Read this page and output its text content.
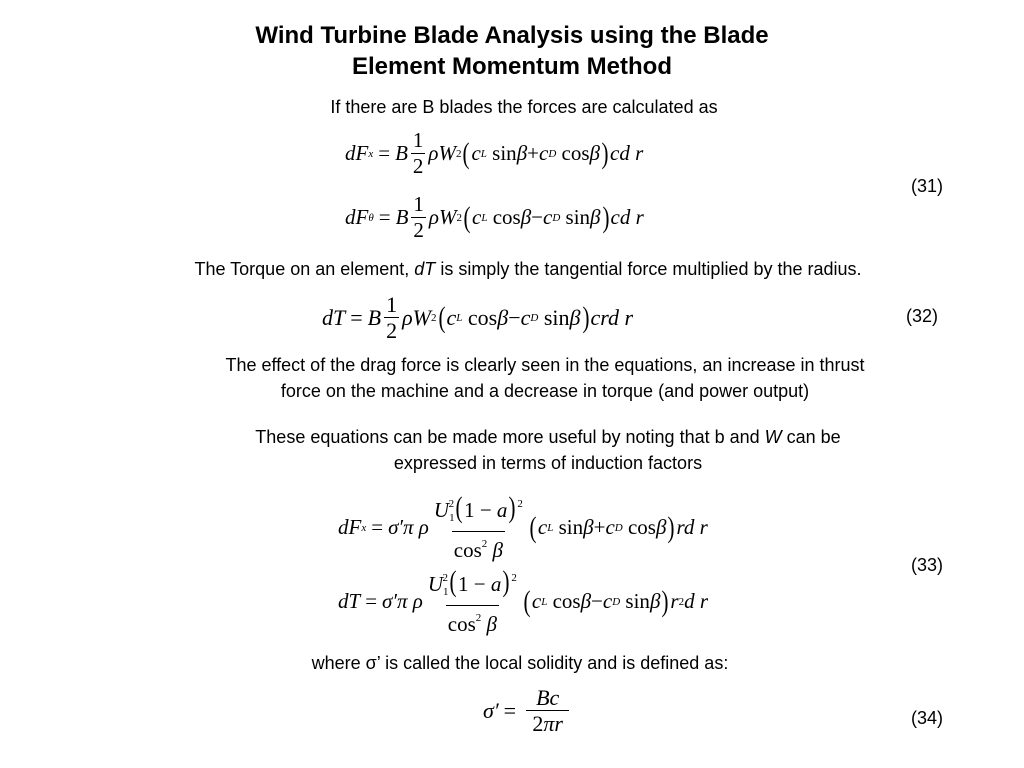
Wind Turbine Blade Analysis using the Blade
Element Momentum Method
If there are B blades the forces are calculated as
dF x = B $\frac{1}{2}$ ρW 2 ( c L sin β + c D cos β ) cd r
dF θ = B $\frac{1}{2}$ ρW 2 ( c L cos β − c D sin β ) cd r
(31)
The Torque on an element, dT is simply the tangential force multiplied by the radius.
dT = B $\frac{1}{2}$ ρW 2 ( c L cos β − c D sin β ) crd r	(32)
The effect of the drag force is clearly seen in the equations, an increase in thrust
force on the machine and a decrease in torque (and power output)
These equations can be made more useful by noting that b and W can be
expressed in terms of induction factors
dF x = σ′π
ρ $\frac{U_1^2(1 - a) ^2}{\cos^2 \beta}$ ( c L sin β + c D cos β ) rd r
dT = σ′π
ρ $\frac{U_1^2(1 - a) ^2}{\cos^2 \beta}$ ( c L cos β − c D sin β ) r 2 d r
(33)
where σ’ is called the local solidity and is defined as:
$\sigma' = \frac{Bc}{2\pi r}$	(34)
